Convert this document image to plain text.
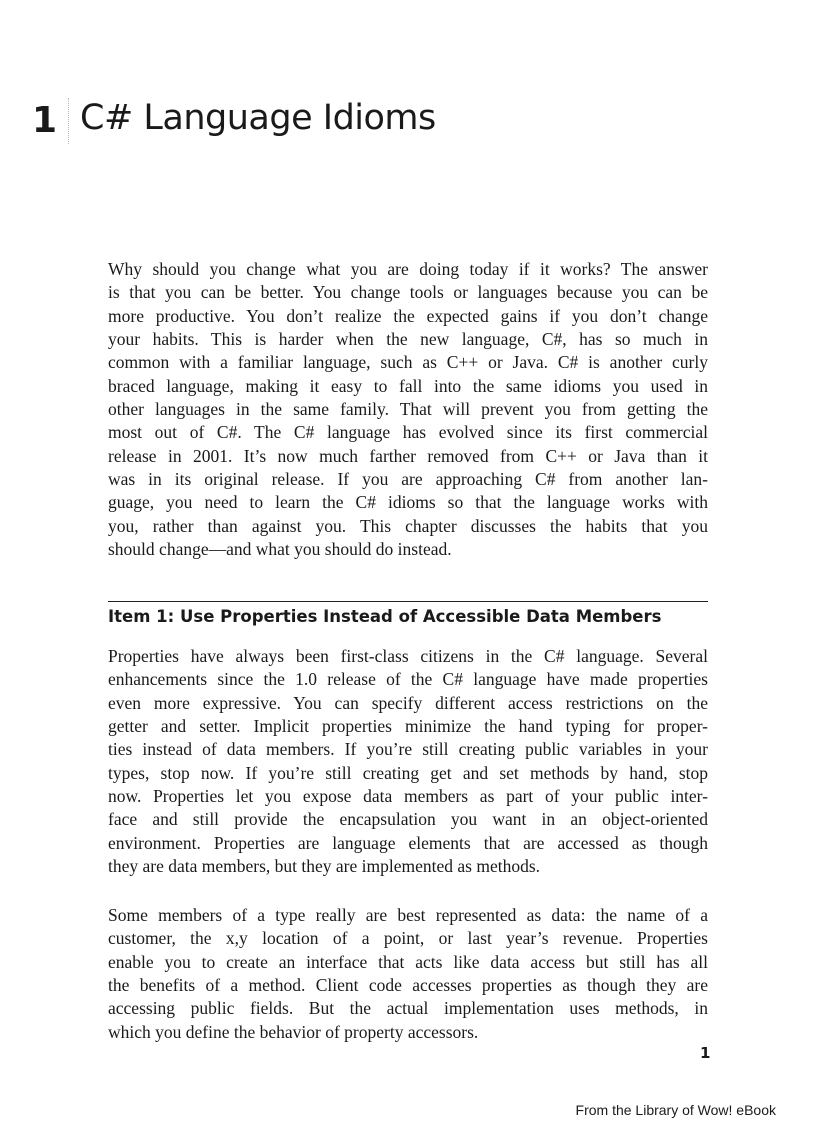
1 C# Language Idioms
Why should you change what you are doing today if it works? The answer
is that you can be better. You change tools or languages because you can be
more productive. You don’t realize the expected gains if you don’t change
your habits. This is harder when the new language, C#, has so much in
common with a familiar language, such as C++ or Java. C# is another curly
braced language, making it easy to fall into the same idioms you used in
other languages in the same family. That will prevent you from getting the
most out of C#. The C# language has evolved since its first commercial
release in 2001. It’s now much farther removed from C++ or Java than it
was in its original release. If you are approaching C# from another lan-
guage, you need to learn the C# idioms so that the language works with
you, rather than against you. This chapter discusses the habits that you
should change—and what you should do instead.
Item 1: Use Properties Instead of Accessible Data Members
Properties have always been first-class citizens in the C# language. Several
enhancements since the 1.0 release of the C# language have made properties
even more expressive. You can specify different access restrictions on the
getter and setter. Implicit properties minimize the hand typing for proper-
ties instead of data members. If you’re still creating public variables in your
types, stop now. If you’re still creating get and set methods by hand, stop
now. Properties let you expose data members as part of your public inter-
face and still provide the encapsulation you want in an object-oriented
environment. Properties are language elements that are accessed as though
they are data members, but they are implemented as methods.
Some members of a type really are best represented as data: the name of a
customer, the x,y location of a point, or last year’s revenue. Properties
enable you to create an interface that acts like data access but still has all
the benefits of a method. Client code accesses properties as though they are
accessing public fields. But the actual implementation uses methods, in
which you define the behavior of property accessors.
1
From the Library of Wow! eBook
